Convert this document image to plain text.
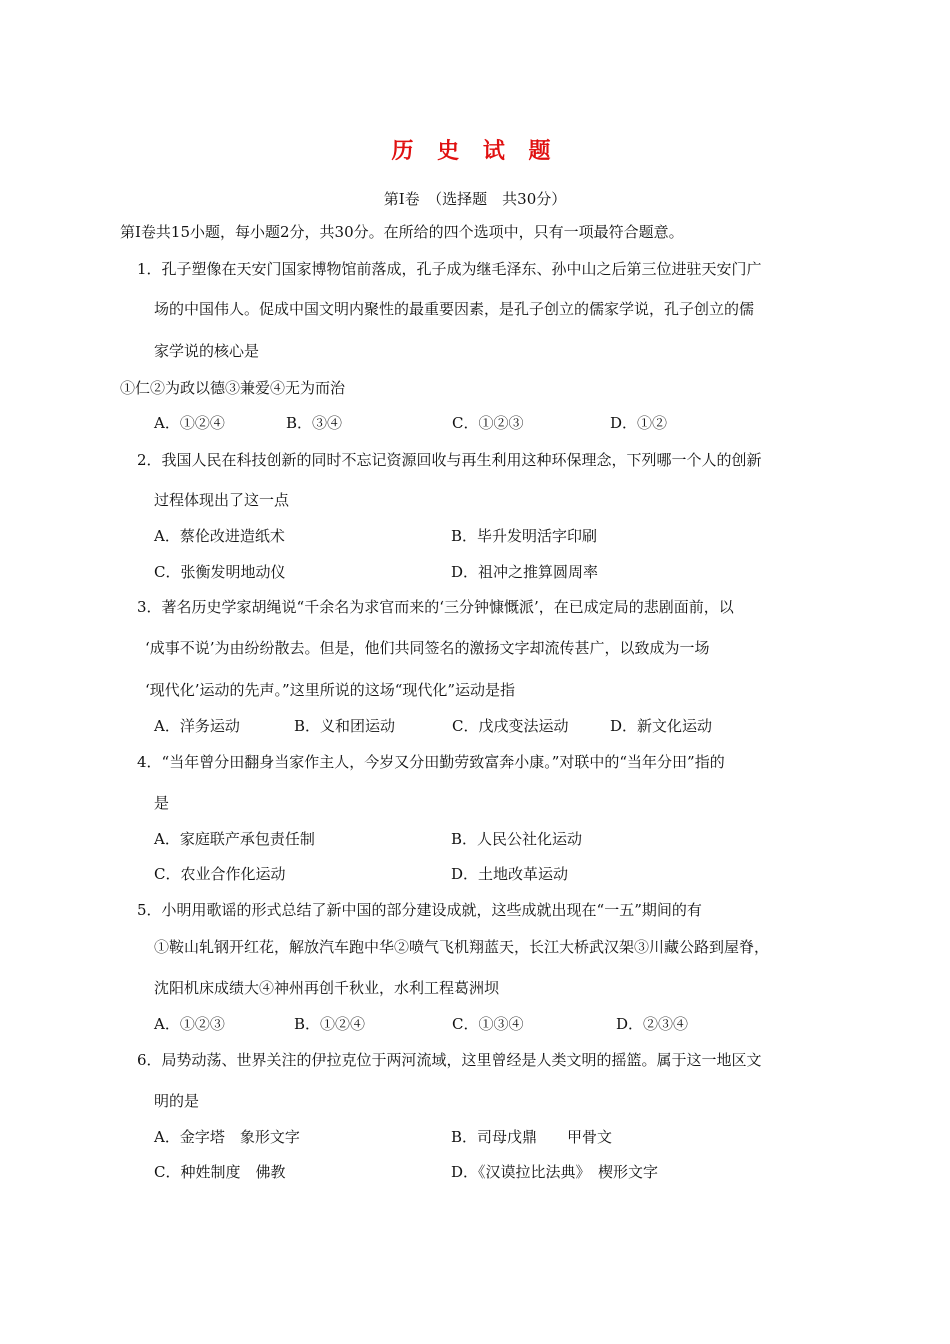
历 史 试 题
第Ⅰ卷　（选择题　共30分）
第Ⅰ卷共15小题，每小题2分，共30分。在所给的四个选项中，只有一项最符合题意。
1．孔子塑像在天安门国家博物馆前落成，孔子成为继毛泽东、孙中山之后第三位进驻天安门广
场的中国伟人。促成中国文明内聚性的最重要因素，是孔子创立的儒家学说，孔子创立的儒
家学说的核心是
①仁②为政以德③兼爱④无为而治
A．①②④	B．③④	C．①②③	D．①②
2．我国人民在科技创新的同时不忘记资源回收与再生利用这种环保理念，下列哪一个人的创新
过程体现出了这一点
A．蔡伦改进造纸术	B．毕升发明活字印刷
C．张衡发明地动仪	D．祖冲之推算圆周率
3．著名历史学家胡绳说“千余名为求官而来的‘三分钟慷慨派’，在已成定局的悲剧面前，以
‘成事不说’为由纷纷散去。但是，他们共同签名的激扬文字却流传甚广，以致成为一场
‘现代化’运动的先声。”这里所说的这场“现代化”运动是指
A．洋务运动	B．义和团运动	C．戊戌变法运动	D．新文化运动
4．“当年曾分田翻身当家作主人，今岁又分田勤劳致富奔小康。”对联中的“当年分田”指的
是
A．家庭联产承包责任制	B．人民公社化运动
C．农业合作化运动	D．土地改革运动
5．小明用歌谣的形式总结了新中国的部分建设成就，这些成就出现在“一五”期间的有
①鞍山轧钢开红花，解放汽车跑中华②喷气飞机翔蓝天，长江大桥武汉架③川藏公路到屋脊，
沈阳机床成绩大④神州再创千秋业，水利工程葛洲坝
A．①②③	B．①②④	C．①③④	D．②③④
6．局势动荡、世界关注的伊拉克位于两河流域，这里曾经是人类文明的摇篮。属于这一地区文
明的是
A．金字塔　象形文字	B．司母戊鼎　　甲骨文
C．种姓制度　佛教	D．《汉谟拉比法典》　楔形文字
